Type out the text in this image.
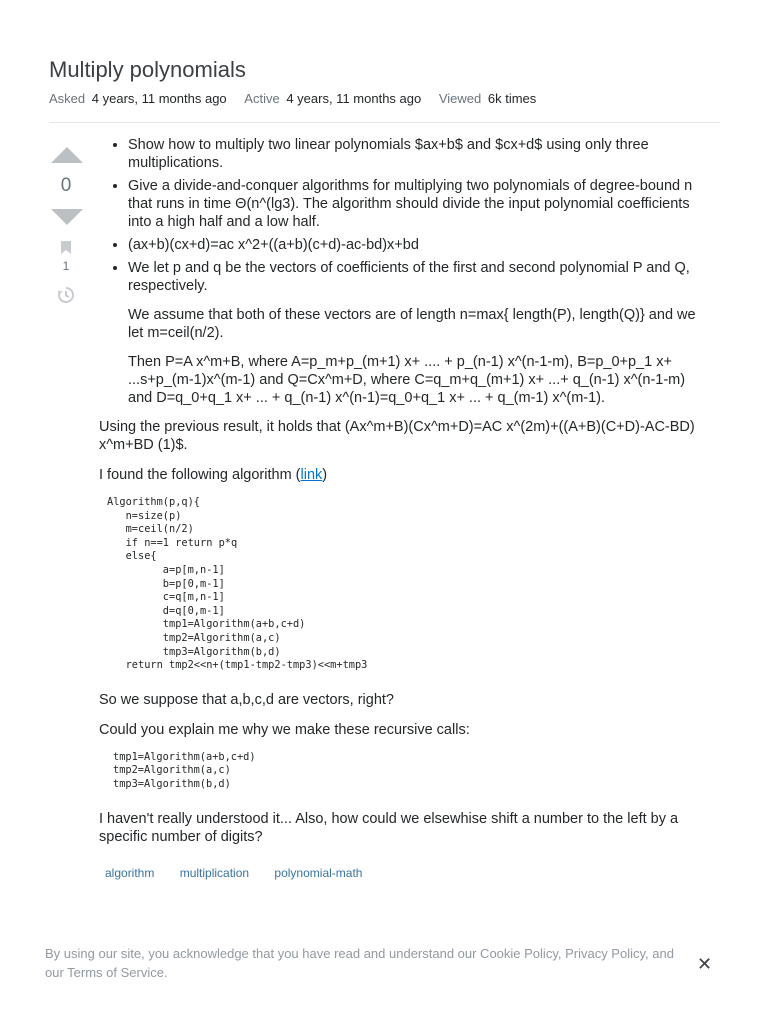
Multiply polynomials
Asked 4 years, 11 months ago Active 4 years, 11 months ago Viewed 6k times
0
1
• Show how to multiply two linear polynomials $ax+b$ and $cx+d$ using only three multiplications.
• Give a divide-and-conquer algorithms for multiplying two polynomials of degree-bound n that runs in time Θ(n^(lg3). The algorithm should divide the input polynomial coefficients into a high half and a low half.
• (ax+b)(cx+d)=ac x^2+((a+b)(c+d)-ac-bd)x+bd

• We let p and q be the vectors of coefficients of the first and second polynomial P and Q, respectively.

We assume that both of these vectors are of length n=max{ length(P), length(Q)} and we let m=ceil(n/2).

Then P=A x^m+B, where A=p_m+p_(m+1) x+ .... + p_(n-1) x^(n-1-m), B=p_0+p_1 x+ ...s+p_(m-1)x^(m-1) and Q=Cx^m+D, where C=q_m+q_(m+1) x+ ...+ q_(n-1) x^(n-1-m) and D=q_0+q_1 x+ ... + q_(n-1) x^(n-1)=q_0+q_1 x+ ... + q_(m-1) x^(m-1).

Using the previous result, it holds that (Ax^m+B)(Cx^m+D)=AC x^(2m)+((A+B)(C+D)-AC-BD) x^m+BD (1)$.

I found the following algorithm (link)

Algorithm(p,q){
n=size(p)
m=ceil(n/2)
if n==1 return p*q
else{
a=p[m,n-1]
b=p[0,m-1]
c=q[m,n-1]
d=q[0,m-1]
tmp1=Algorithm(a+b,c+d)
tmp2=Algorithm(a,c)
tmp3=Algorithm(b,d)
return tmp2<<n+(tmp1-tmp2-tmp3)<<m+tmp3

So we suppose that a,b,c,d are vectors, right?

Could you explain me why we make these recursive calls:

tmp1=Algorithm(a+b,c+d)
tmp2=Algorithm(a,c)
tmp3=Algorithm(b,d)

I haven't really understood it... Also, how could we elsewhise shift a number to the left by a specific number of digits?

algorithm multiplication polynomial-math
By using our site, you acknowledge that you have read and understand our Cookie Policy, Privacy Policy, and our Terms of Service.	✕
